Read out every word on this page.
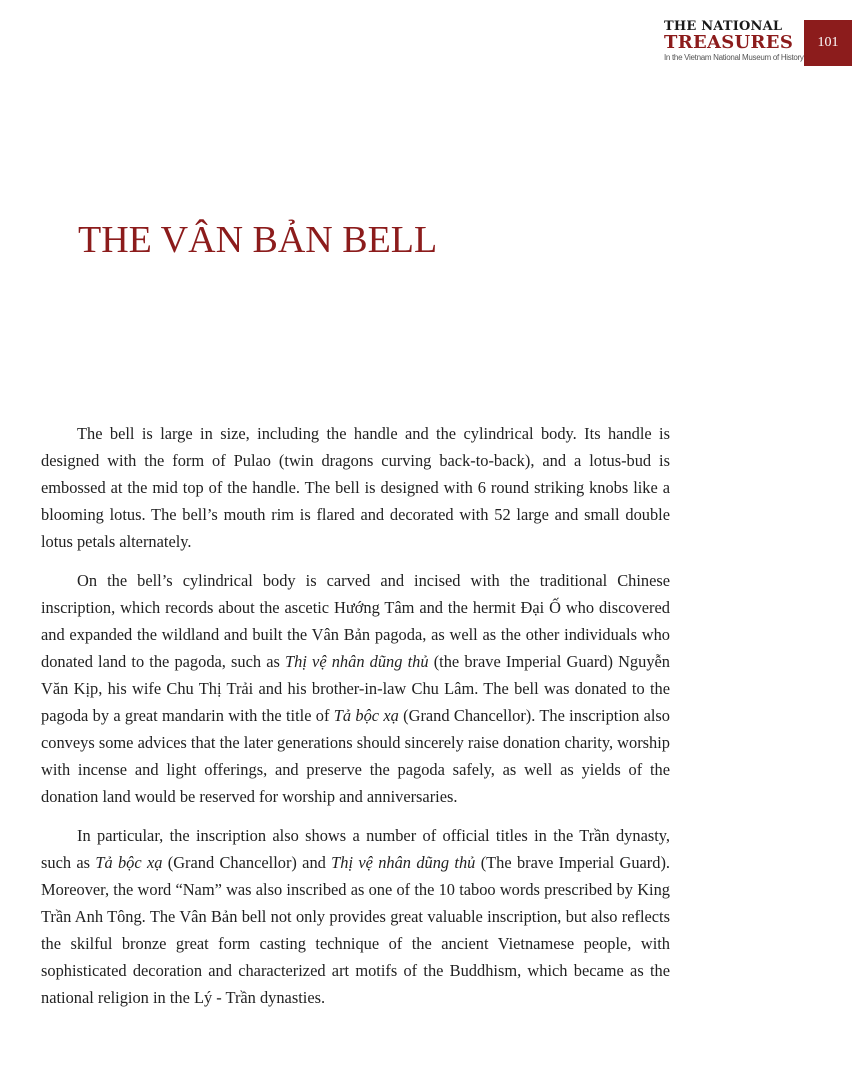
THE NATIONAL
TREASURES
In the Vietnam National Museum of History
101
THE VÂN BẢN BELL

The bell is large in size, including the handle and the cylindrical body. Its handle is designed with the form of Pulao (twin dragons curving back-to-back), and a lotus-bud is embossed at the mid top of the handle. The bell is designed with 6 round striking knobs like a blooming lotus. The bell’s mouth rim is flared and decorated with 52 large and small double lotus petals alternately.

On the bell’s cylindrical body is carved and incised with the traditional Chinese inscription, which records about the ascetic Hướng Tâm and the hermit Đại Ố who discovered and expanded the wildland and built the Vân Bản pagoda, as well as the other individuals who donated land to the pagoda, such as Thị vệ nhân dũng thủ (the brave Imperial Guard) Nguyễn Văn Kịp, his wife Chu Thị Trải and his brother-in-law Chu Lâm. The bell was donated to the pagoda by a great mandarin with the title of Tả bộc xạ (Grand Chancellor). The inscription also conveys some advices that the later generations should sincerely raise donation charity, worship with incense and light offerings, and preserve the pagoda safely, as well as yields of the donation land would be reserved for worship and anniversaries.

In particular, the inscription also shows a number of official titles in the Trần dynasty, such as Tả bộc xạ (Grand Chancellor) and Thị vệ nhân dũng thủ (The brave Imperial Guard). Moreover, the word “Nam” was also inscribed as one of the 10 taboo words prescribed by King Trần Anh Tông. The Vân Bản bell not only provides great valuable inscription, but also reflects the skilful bronze great form casting technique of the ancient Vietnamese people, with sophisticated decoration and characterized art motifs of the Buddhism, which became as the national religion in the Lý - Trần dynasties.
